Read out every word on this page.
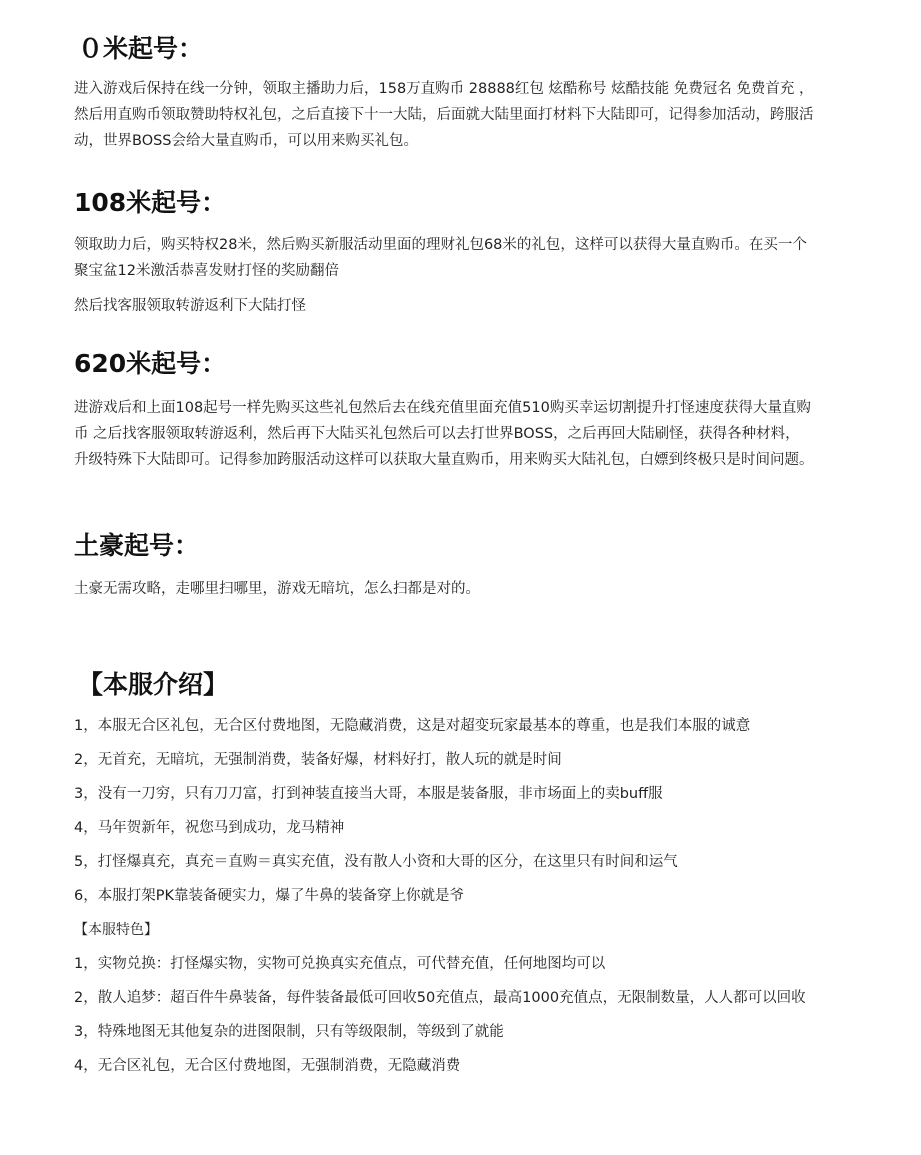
０米起号：

进入游戏后保持在线一分钟，领取主播助力后，158万直购币 28888红包 炫酷称号 炫酷技能 免费冠名 免费首充 ，然后用直购币领取赞助特权礼包，之后直接下十一大陆，后面就大陆里面打材料下大陆即可，记得参加活动，跨服活动，世界BOSS会给大量直购币，可以用来购买礼包。

108米起号：

领取助力后，购买特权28米，然后购买新服活动里面的理财礼包68米的礼包，这样可以获得大量直购币。在买一个聚宝盆12米激活恭喜发财打怪的奖励翻倍

然后找客服领取转游返利下大陆打怪

620米起号：

进游戏后和上面108起号一样先购买这些礼包然后去在线充值里面充值510购买幸运切割提升打怪速度获得大量直购币 之后找客服领取转游返利，然后再下大陆买礼包然后可以去打世界BOSS，之后再回大陆刷怪，获得各种材料，升级特殊下大陆即可。记得参加跨服活动这样可以获取大量直购币，用来购买大陆礼包，白嫖到终极只是时间问题。

土豪起号：

土豪无需攻略，走哪里扫哪里，游戏无暗坑，怎么扫都是对的。

【本服介绍】

1，本服无合区礼包，无合区付费地图，无隐藏消费，这是对超变玩家最基本的尊重，也是我们本服的诚意

2，无首充，无暗坑，无强制消费，装备好爆，材料好打，散人玩的就是时间

3，没有一刀穷，只有刀刀富，打到神装直接当大哥，本服是装备服，非市场面上的卖buff服

4，马年贺新年，祝您马到成功，龙马精神

5，打怪爆真充，真充＝直购＝真实充值，没有散人小资和大哥的区分，在这里只有时间和运气

6，本服打架PK靠装备硬实力，爆了牛鼻的装备穿上你就是爷

【本服特色】

1，实物兑换：打怪爆实物，实物可兑换真实充值点，可代替充值，任何地图均可以

2，散人追梦：超百件牛鼻装备，每件装备最低可回收50充值点，最高1000充值点，无限制数量，人人都可以回收

3，特殊地图无其他复杂的进图限制，只有等级限制，等级到了就能

4，无合区礼包，无合区付费地图，无强制消费，无隐藏消费
